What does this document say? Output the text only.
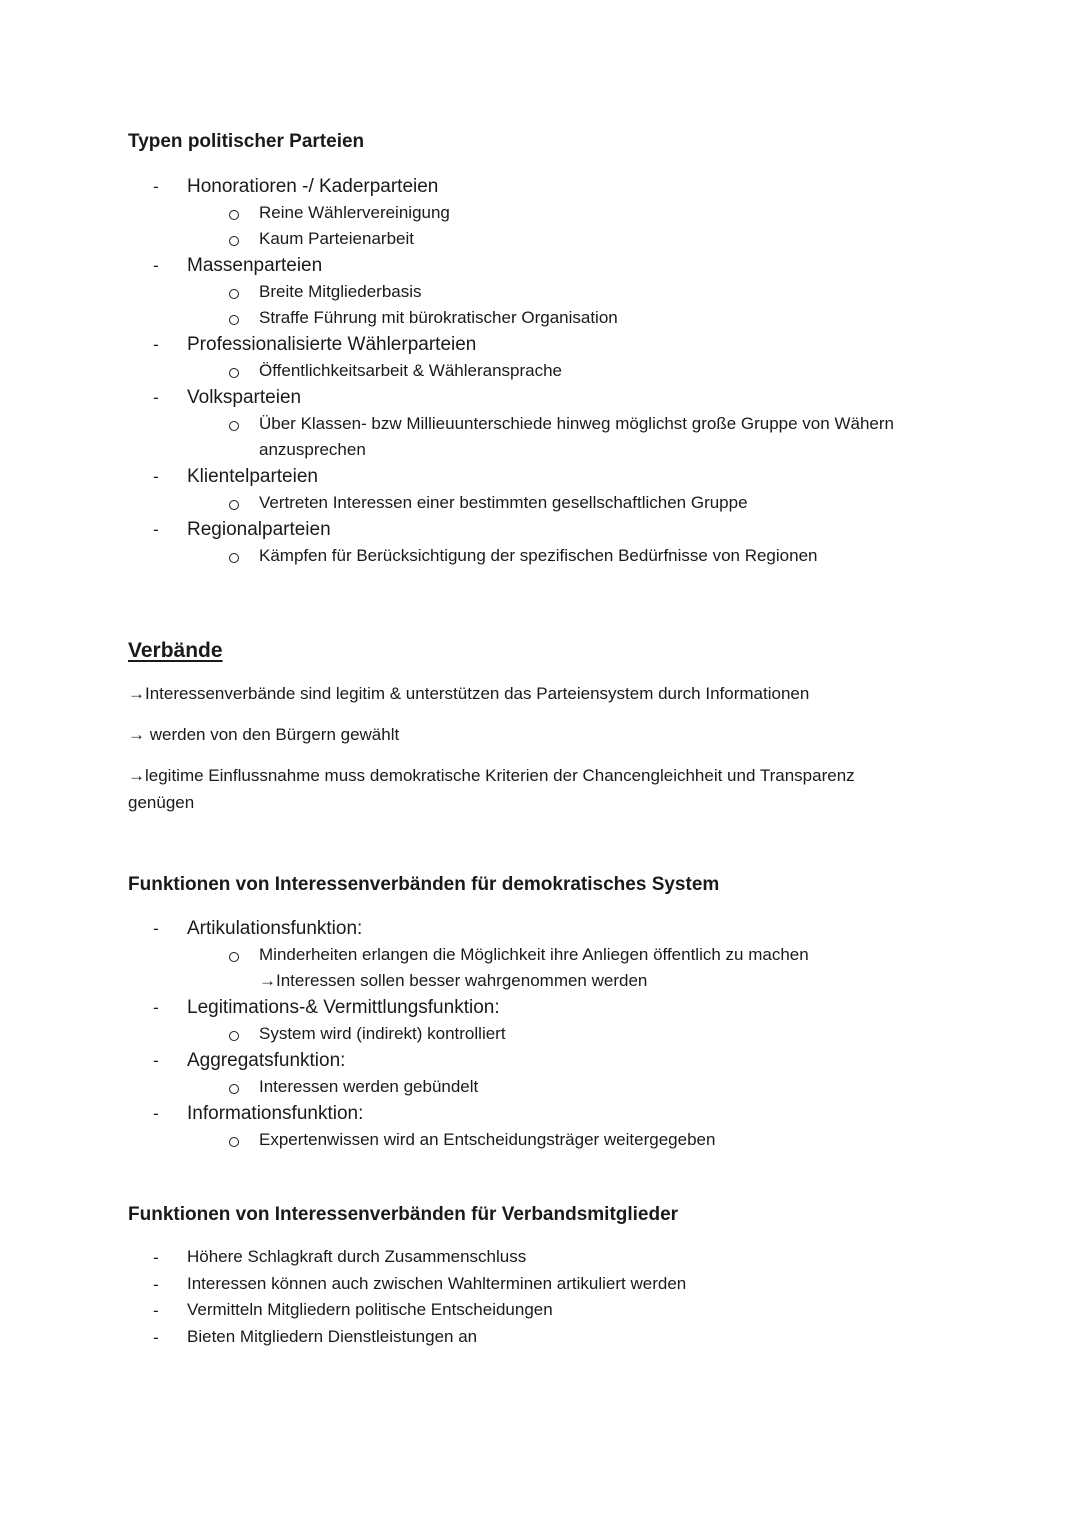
Typen politischer Parteien
- Honoratioren -/ Kaderparteien
Reine Wählervereinigung
Kaum Parteienarbeit
- Massenparteien
Breite Mitgliederbasis
Straffe Führung mit bürokratischer Organisation
- Professionalisierte Wählerparteien
Öffentlichkeitsarbeit & Wähleransprache
- Volksparteien
Über Klassen- bzw Millieuunterschiede hinweg möglichst große Gruppe von Wähern
anzusprechen
- Klientelparteien
Vertreten Interessen einer bestimmten gesellschaftlichen Gruppe
- Regionalparteien
Kämpfen für Berücksichtigung der spezifischen Bedürfnisse von Regionen
Verbände

→Interessenverbände sind legitim & unterstützen das Parteiensystem durch Informationen

→ werden von den Bürgern gewählt

→legitime Einflussnahme muss demokratische Kriterien der Chancengleichheit und Transparenz
genügen

Funktionen von Interessenverbänden für demokratisches System
- Artikulationsfunktion:
Minderheiten erlangen die Möglichkeit ihre Anliegen öffentlich zu machen
→Interessen sollen besser wahrgenommen werden
- Legitimations-& Vermittlungsfunktion:
System wird (indirekt) kontrolliert
- Aggregatsfunktion:
Interessen werden gebündelt
- Informationsfunktion:
Expertenwissen wird an Entscheidungsträger weitergegeben
Funktionen von Interessenverbänden für Verbandsmitglieder
- Höhere Schlagkraft durch Zusammenschluss
- Interessen können auch zwischen Wahlterminen artikuliert werden
- Vermitteln Mitgliedern politische Entscheidungen
- Bieten Mitgliedern Dienstleistungen an
